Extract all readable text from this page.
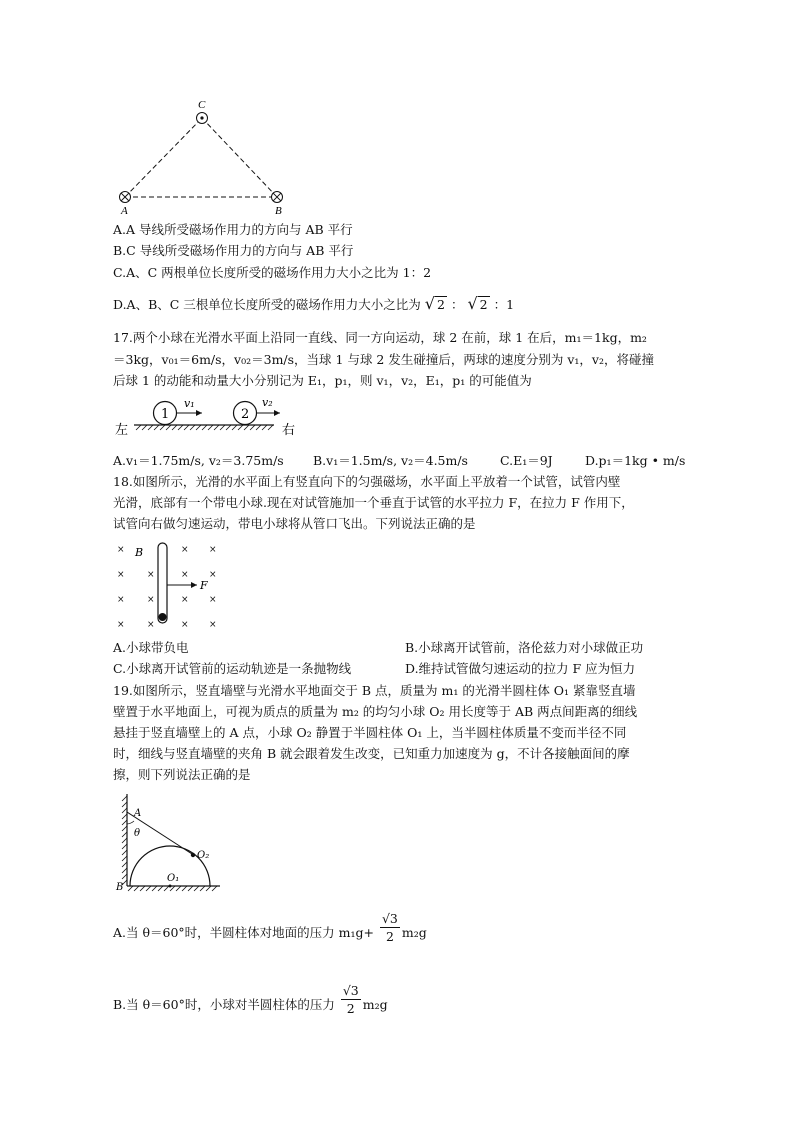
C
A	B
A.A 导线所受磁场作用力的方向与 AB 平行
B.C 导线所受磁场作用力的方向与 AB 平行
C.A、C 两根单位长度所受的磁场作用力大小之比为 1：2
D.A、B、C 三根单位长度所受的磁场作用力大小之比为 √ 2 ： √ 2 ：1
17.两个小球在光滑水平面上沿同一直线、同一方向运动，球 2 在前，球 1 在后，m₁＝1kg，m₂
＝3kg，v₀₁＝6m/s，v₀₂＝3m/s，当球 1 与球 2 发生碰撞后，两球的速度分别为 v₁，v₂，将碰撞
后球 1 的动能和动量大小分别记为 E₁，p₁，则 v₁，v₂，E₁，p₁ 的可能值为
左	右
1
v₁
2
v₂
A.v₁＝1.75m/s, v₂＝3.75m/s B.v₁＝1.5m/s, v₂＝4.5m/s	C.E₁＝9J	D.p₁＝1kg • m/s
18.如图所示，光滑的水平面上有竖直向下的匀强磁场，水平面上平放着一个试管，试管内壁
光滑，底部有一个带电小球.现在对试管施加一个垂直于试管的水平拉力 F，在拉力 F 作用下，
试管向右做匀速运动，带电小球将从管口飞出。下列说法正确的是
×
×
×
×
×
×
×
×
×
×
×
×
×
×
×
B
F
A.小球带负电	B.小球离开试管前，洛伦兹力对小球做正功
C.小球离开试管前的运动轨迹是一条抛物线	D.维持试管做匀速运动的拉力 F 应为恒力
19.如图所示，竖直墙壁与光滑水平地面交于 B 点，质量为 m₁ 的光滑半圆柱体 O₁ 紧靠竖直墙
壁置于水平地面上，可视为质点的质量为 m₂ 的均匀小球 O₂ 用长度等于 AB 两点间距离的细线
悬挂于竖直墙壁上的 A 点，小球 O₂ 静置于半圆柱体 O₁ 上，当半圆柱体质量不变而半径不同
时，细线与竖直墙壁的夹角 B 就会跟着发生改变，已知重力加速度为 g，不计各接触面间的摩
擦，则下列说法正确的是
A
θ
O₂
O₁
B
A.当 θ＝60°时，半圆柱体对地面的压力 $m_1g+ \frac{√3}{2} m_2g$
B.当 θ＝60°时，小球对半圆柱体的压力 $\frac{√3}{2} m_2g$
